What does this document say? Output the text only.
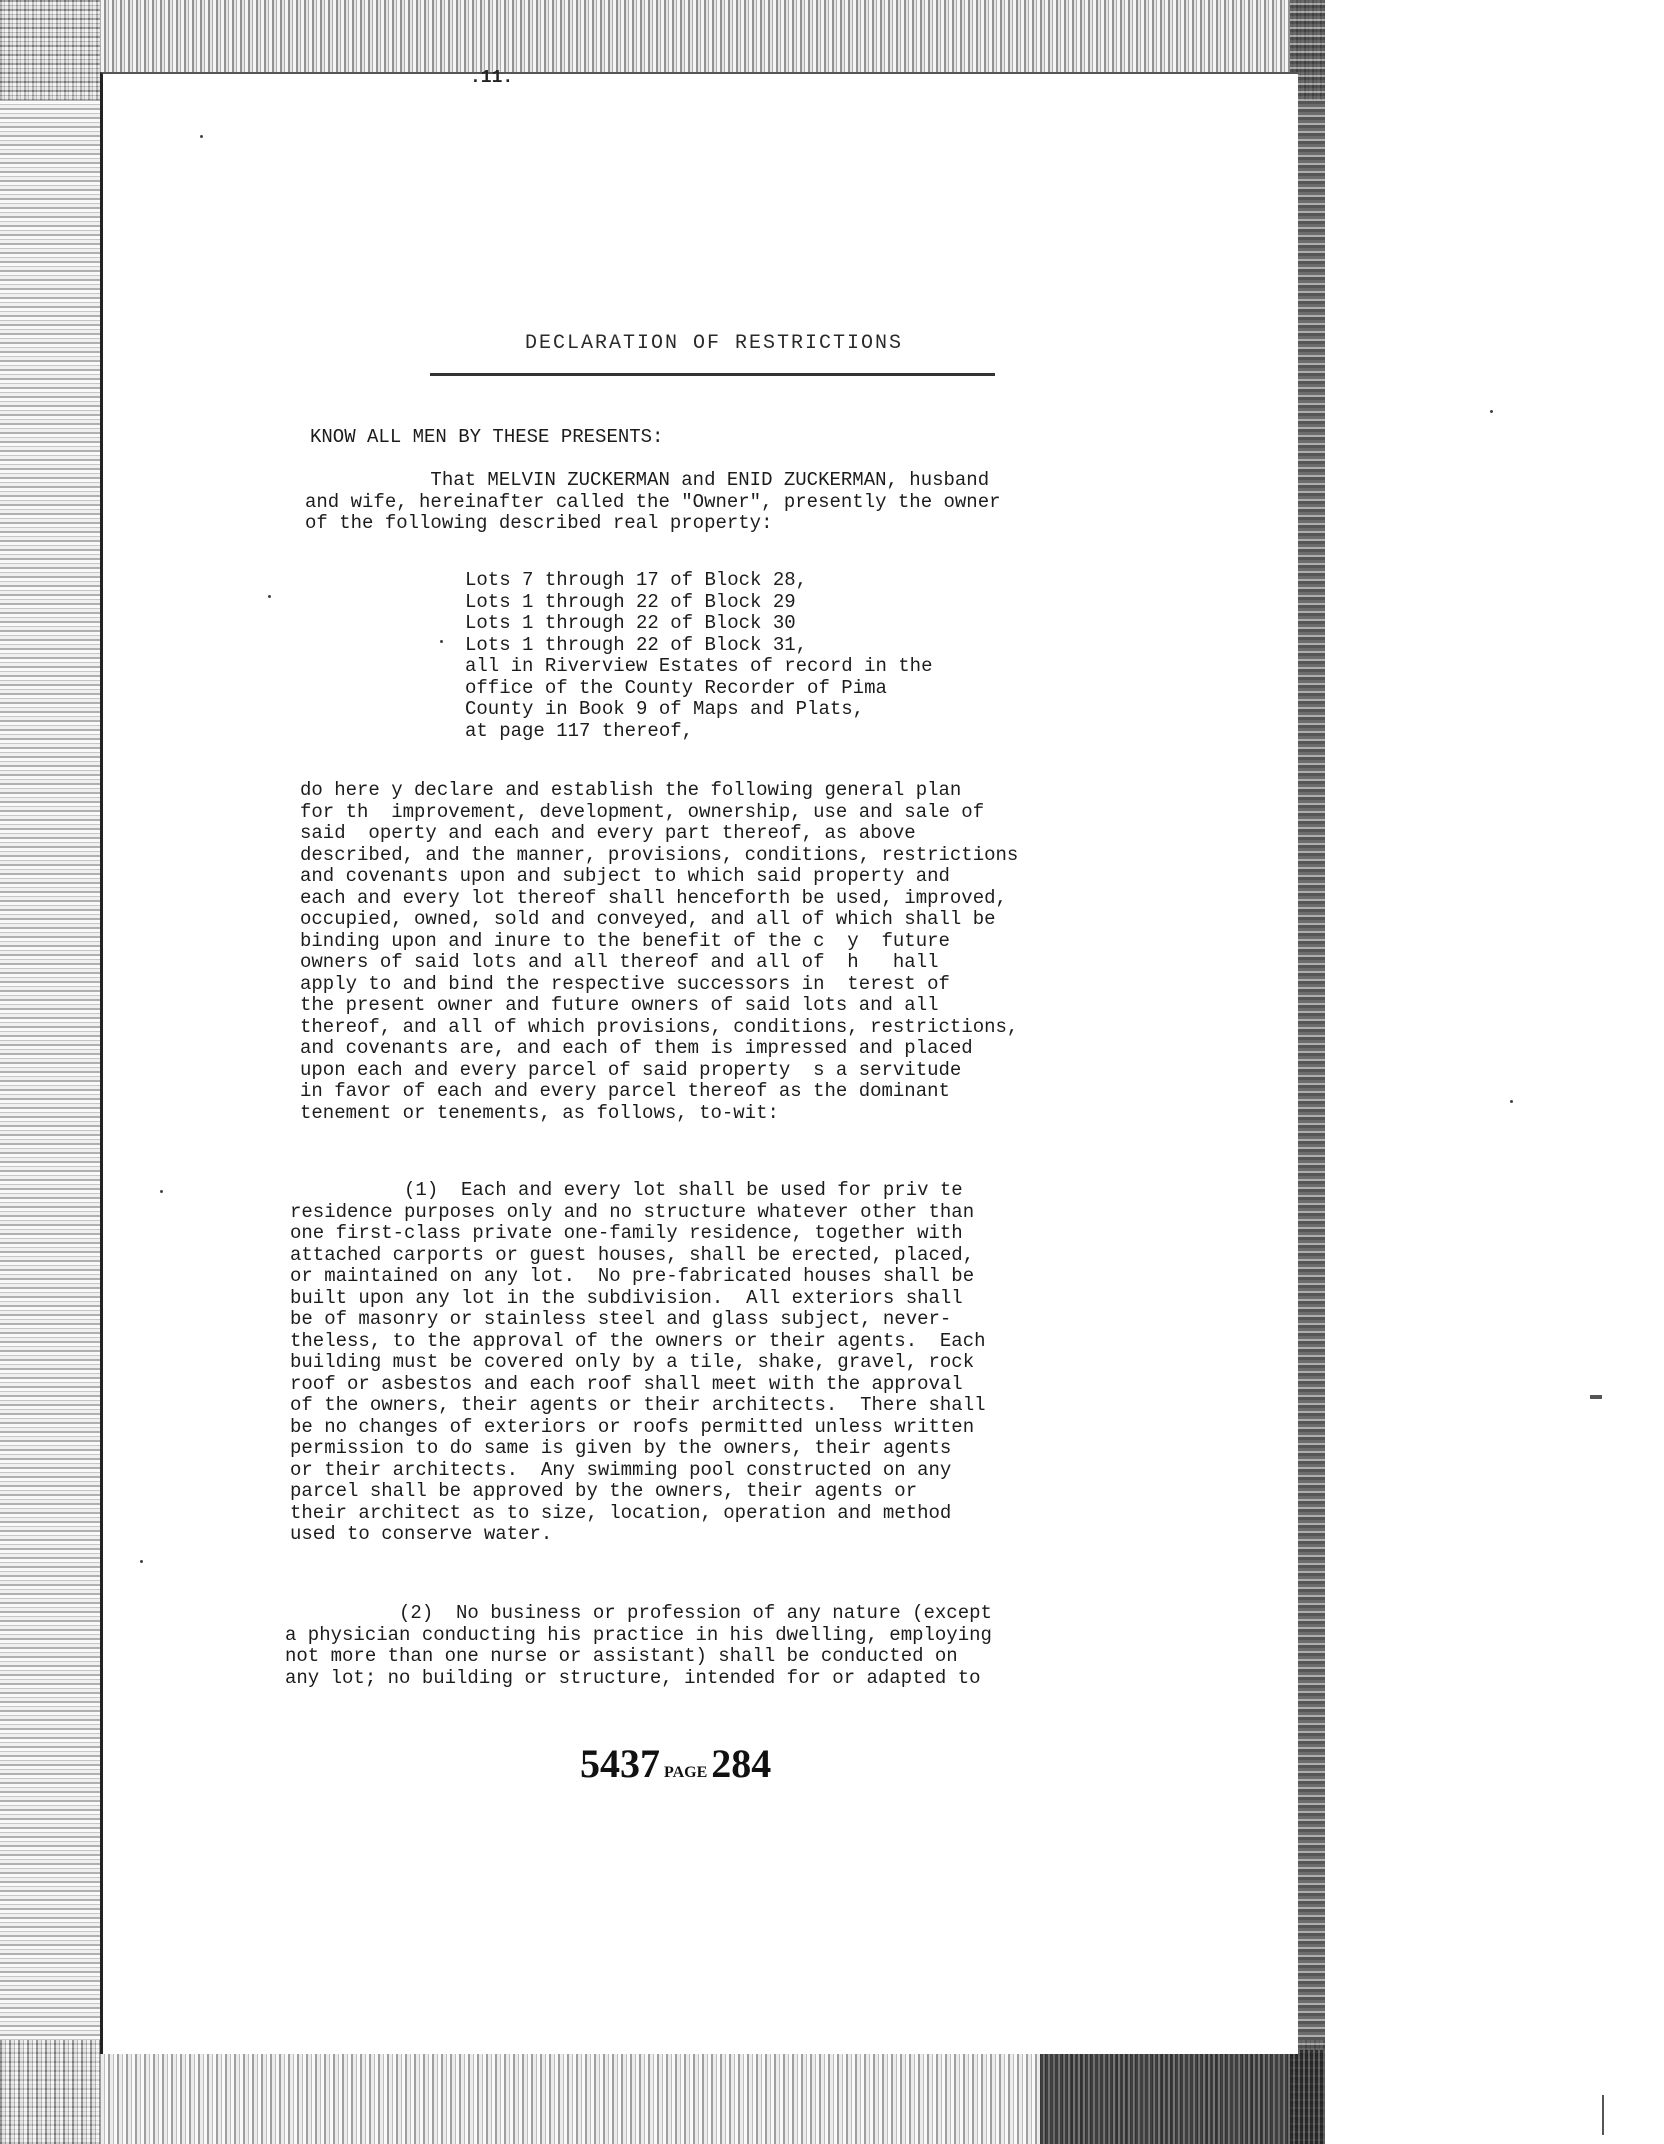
.11.
DECLARATION OF RESTRICTIONS

KNOW ALL MEN BY THESE PRESENTS:

That MELVIN ZUCKERMAN and ENID ZUCKERMAN, husband
and wife, hereinafter called the "Owner", presently the owner
of the following described real property:

Lots 7 through 17 of Block 28,
Lots 1 through 22 of Block 29
Lots 1 through 22 of Block 30
Lots 1 through 22 of Block 31,
all in Riverview Estates of record in the
office of the County Recorder of Pima
County in Book 9 of Maps and Plats,
at page 117 thereof,

do here y declare and establish the following general plan
for th  improvement, development, ownership, use and sale of
said  operty and each and every part thereof, as above
described, and the manner, provisions, conditions, restrictions
and covenants upon and subject to which said property and
each and every lot thereof shall henceforth be used, improved,
occupied, owned, sold and conveyed, and all of which shall be
binding upon and inure to the benefit of the c  y  future
owners of said lots and all thereof and all of  h   hall
apply to and bind the respective successors in  terest of
the present owner and future owners of said lots and all
thereof, and all of which provisions, conditions, restrictions,
and covenants are, and each of them is impressed and placed
upon each and every parcel of said property  s a servitude
in favor of each and every parcel thereof as the dominant
tenement or tenements, as follows, to-wit:

(1)  Each and every lot shall be used for priv te
residence purposes only and no structure whatever other than
one first-class private one-family residence, together with
attached carports or guest houses, shall be erected, placed,
or maintained on any lot.  No pre-fabricated houses shall be
built upon any lot in the subdivision.  All exteriors shall
be of masonry or stainless steel and glass subject, never-
theless, to the approval of the owners or their agents.  Each
building must be covered only by a tile, shake, gravel, rock
roof or asbestos and each roof shall meet with the approval
of the owners, their agents or their architects.  There shall
be no changes of exteriors or roofs permitted unless written
permission to do same is given by the owners, their agents
or their architects.  Any swimming pool constructed on any
parcel shall be approved by the owners, their agents or
their architect as to size, location, operation and method
used to conserve water.

(2)  No business or profession of any nature (except
a physician conducting his practice in his dwelling, employing
not more than one nurse or assistant) shall be conducted on
any lot; no building or structure, intended for or adapted to

5437 PAGE 284
